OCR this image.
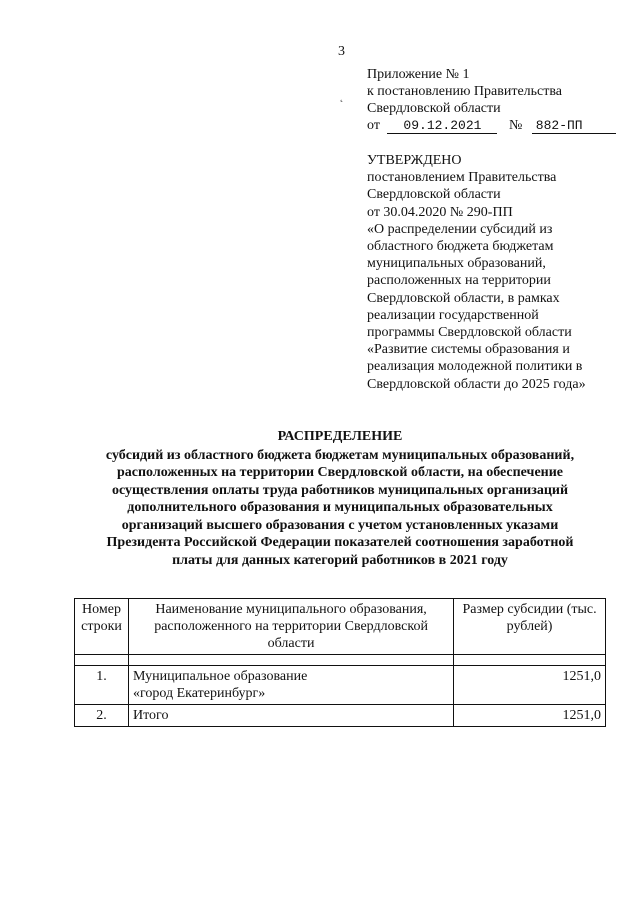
3
˛
Приложение № 1
к постановлению Правительства
Свердловской области
от 09.12.2021 № 882-ПП
УТВЕРЖДЕНО
постановлением Правительства
Свердловской области
от 30.04.2020 № 290-ПП
«О распределении субсидий из
областного бюджета бюджетам
муниципальных образований,
расположенных на территории
Свердловской области, в рамках
реализации государственной
программы Свердловской области
«Развитие системы образования и
реализация молодежной политики в
Свердловской области до 2025 года»
РАСПРЕДЕЛЕНИЕ
субсидий из областного бюджета бюджетам муниципальных образований,
расположенных на территории Свердловской области, на обеспечение
осуществления оплаты труда работников муниципальных организаций
дополнительного образования и муниципальных образовательных
организаций высшего образования с учетом установленных указами
Президента Российской Федерации показателей соотношения заработной
платы для данных категорий работников в 2021 году
Номер строки	Наименование муниципального образования, расположенного на территории Свердловской области	Размер субсидии (тыс. рублей)

1.	Муниципальное образование
«город Екатеринбург»	1251,0
2.	Итого	1251,0
